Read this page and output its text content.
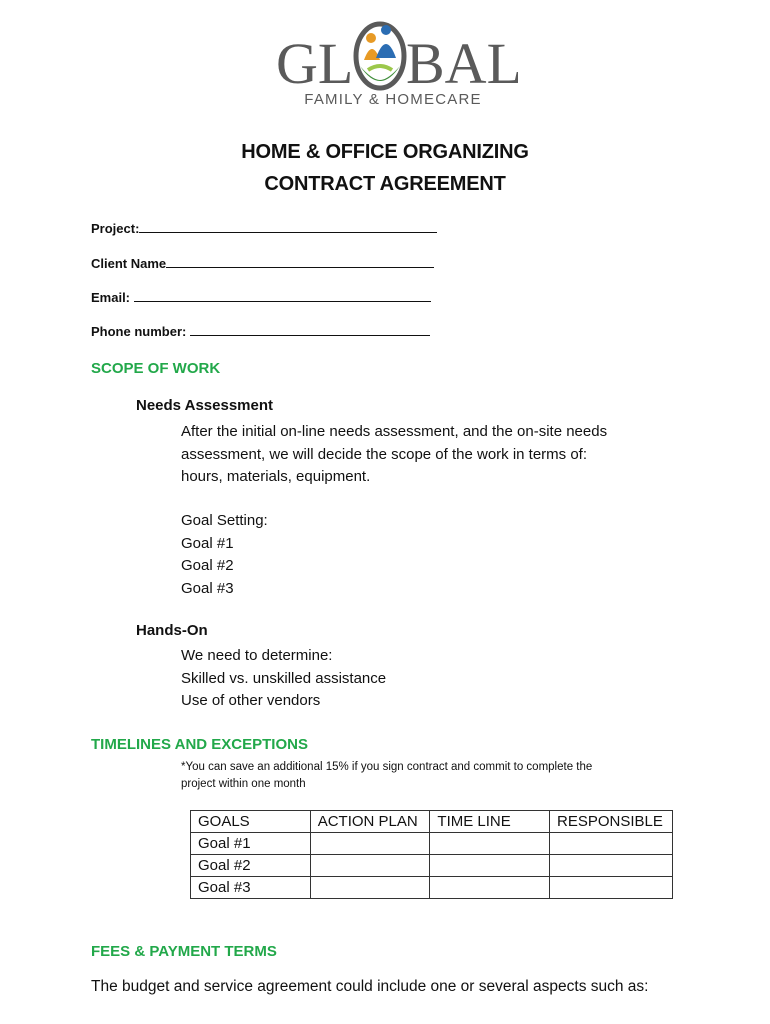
GL BAL
FAMILY & HOMECARE
HOME & OFFICE ORGANIZING
CONTRACT AGREEMENT
Project:
Client Name
Email:
Phone number:
SCOPE OF WORK
Needs Assessment
After the initial on-line needs assessment, and the on-site needs
assessment, we will decide the scope of the work in terms of:
hours, materials, equipment.
Goal Setting:
Goal #1
Goal #2
Goal #3
Hands-On
We need to determine:
Skilled vs. unskilled assistance
Use of other vendors
TIMELINES AND EXCEPTIONS
*You can save an additional 15% if you sign contract and commit to complete the
project within one month
GOALS	ACTION PLAN	TIME LINE	RESPONSIBLE
Goal #1			
Goal #2			
Goal #3			
FEES & PAYMENT TERMS
The budget and service agreement could include one or several aspects such as:
